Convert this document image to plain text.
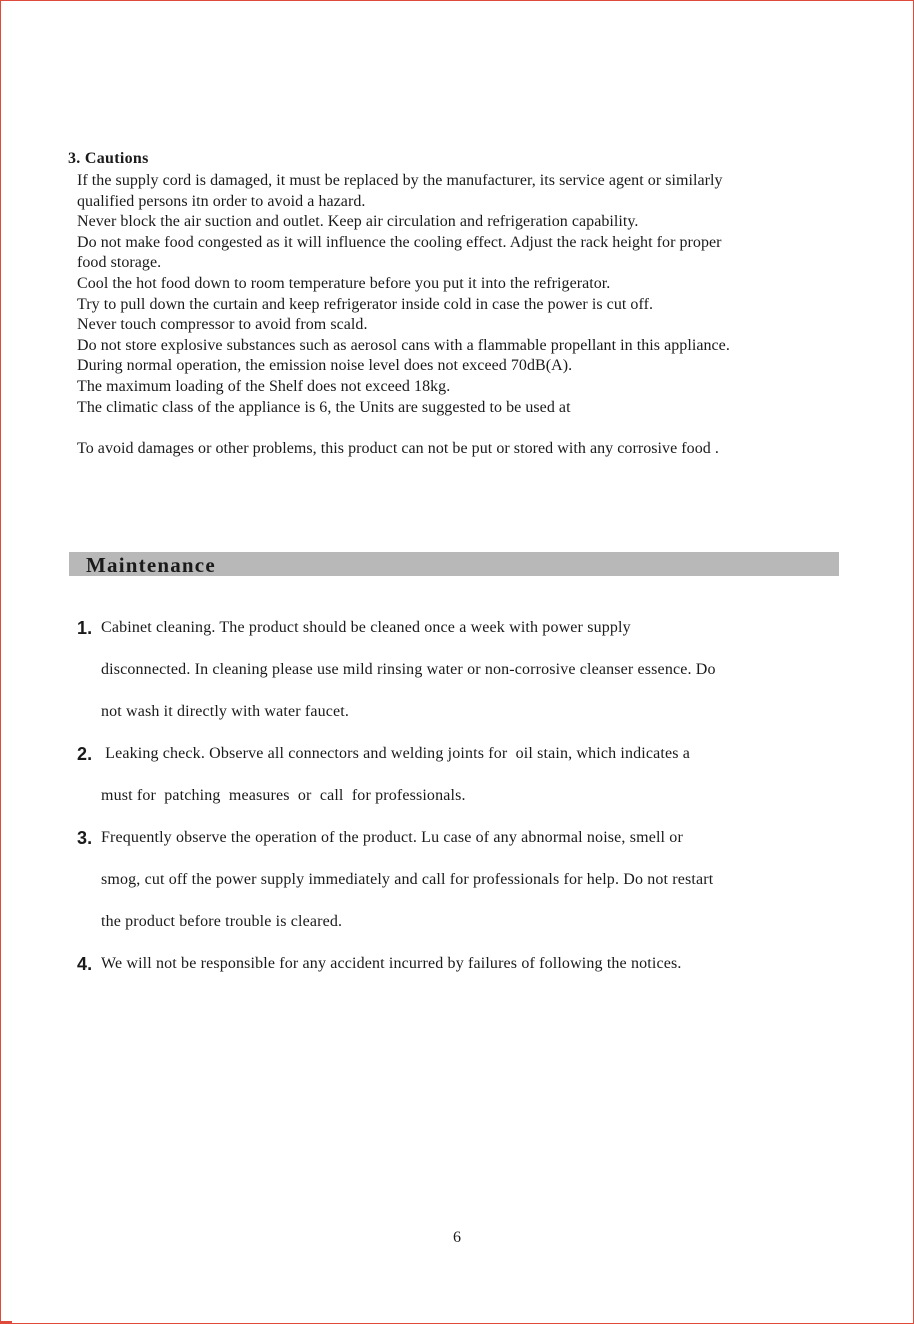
3. Cautions
If the supply cord is damaged, it must be replaced by the manufacturer, its service agent or similarly
qualified persons itn order to avoid a hazard.
Never block the air suction and outlet. Keep air circulation and refrigeration capability.
Do not make food congested as it will influence the cooling effect. Adjust the rack height for proper
food storage.
Cool the hot food down to room temperature before you put it into the refrigerator.
Try to pull down the curtain and keep refrigerator inside cold in case the power is cut off.
Never touch compressor to avoid from scald.
Do not store explosive substances such as aerosol cans with a flammable propellant in this appliance.
During normal operation, the emission noise level does not exceed 70dB(A).
The maximum loading of the Shelf does not exceed 18kg.
The climatic class of the appliance is 6, the Units are suggested to be used at
To avoid damages or other problems, this product can not be put or stored with any corrosive food .
Maintenance
1. Cabinet cleaning. The product should be cleaned once a week with power supply
disconnected. In cleaning please use mild rinsing water or non-corrosive cleanser essence. Do
not wash it directly with water faucet.
2. Leaking check. Observe all connectors and welding joints for  oil stain, which indicates a
must for  patching  measures  or  call  for professionals.
3. Frequently observe the operation of the product. Lu case of any abnormal noise, smell or
smog, cut off the power supply immediately and call for professionals for help. Do not restart
the product before trouble is cleared.
4. We will not be responsible for any accident incurred by failures of following the notices.
6
